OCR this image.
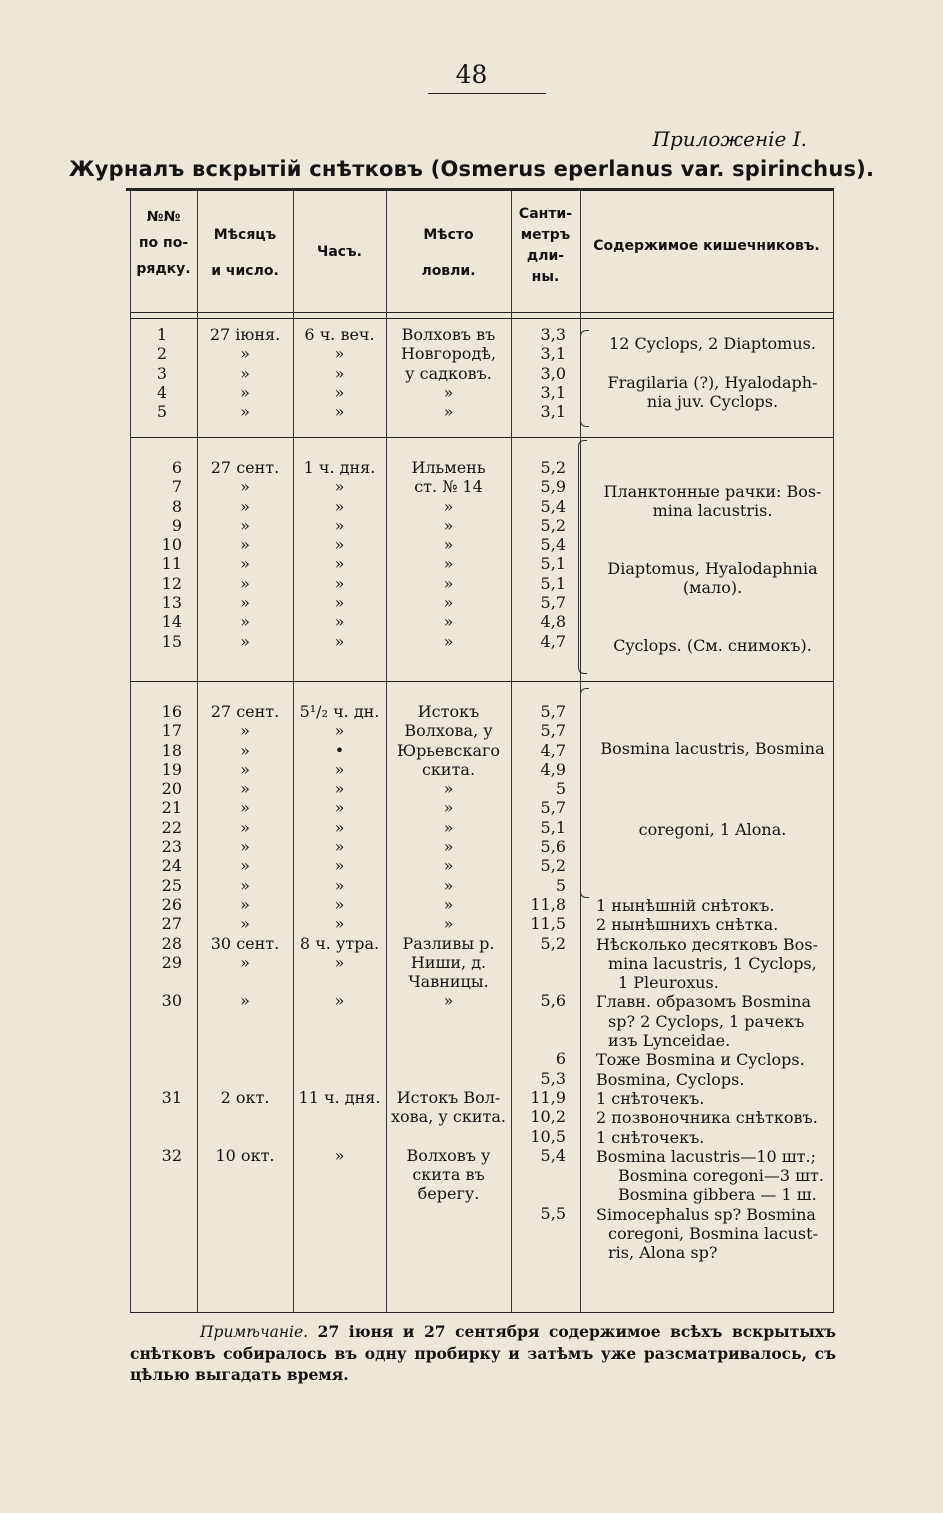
48
Приложеніе I.
Журналъ вскрытій снѣтковъ (Osmerus eperlanus var. spirinchus).
№№
по по-
рядку.
Мѣсяцъ
и число.
Часъ.
Мѣсто
ловли.
Санти-
метръ
дли-
ны.
Содержимое кишечниковъ.
1
2
3
4
5
27 іюня.
»
»
»
»
6 ч. веч.
»
»
»
»
Волховъ въ
Новгородѣ,
у садковъ.
»
»
3,3
3,1
3,0
3,1
3,1
12 Cyclops, 2 Diaptomus.
Fragilaria (?), Hyalodaph-
nia juv. Cyclops.
6
7
8
9
10
11
12
13
14
15
27 сент.
»
»
»
»
»
»
»
»
»
1 ч. дня.
»
»
»
»
»
»
»
»
»
Ильмень
ст. № 14
»
»
»
»
»
»
»
»
5,2
5,9
5,4
5,2
5,4
5,1
5,1
5,7
4,8
4,7
Планктонные рачки: Bos-
mina lacustris.
Diaptomus, Hyalodaphnia
(мало).
Cyclops. (См. снимокъ).
16
17
18
19
20
21
22
23
24
25
26
27
28
29
30
31
32
27 сент.
»
»
»
»
»
»
»
»
»
»
»
30 сент.
»
»
2 окт.
10 окт.
5¹/₂ ч. дн.
»
•
»
»
»
»
»
»
»
»
»
8 ч. утра.
»
»
11 ч. дня.
»
Истокъ
Волхова, у
Юрьевскаго
скита.
»
»
»
»
»
»
»
»
Разливы р.
Ниши, д.
Чавницы.
»
Истокъ Вол-
хова, у скита.
Волховъ у
скита въ
берегу.
5,7
5,7
4,7
4,9
5
5,7
5,1
5,6
5,2
5
11,8
11,5
5,2
5,6
6
5,3
11,9
10,2
10,5
5,4
5,5
Bosmina lacustris, Bosmina
coregoni, 1 Alona.
1 нынѣшній снѣтокъ.
2 нынѣшнихъ снѣтка.
Нѣсколько десятковъ Bos-
mina lacustris, 1 Cyclops,
1 Pleuroxus.
Главн. образомъ Bosmina
sp? 2 Cyclops, 1 рачекъ
изъ Lynceidae.
Тоже Bosmina и Cyclops.
Bosmina, Cyclops.
1 снѣточекъ.
2 позвоночника снѣтковъ.
1 снѣточекъ.
Bosmina lacustris—10 шт.;
Bosmina coregoni—3 шт.
Bosmina gibbera — 1 ш.
Simocephalus sp? Bosmina
coregoni, Bosmina lacust-
ris, Alona sp?
Примѣчаніе. 27 іюня и 27 сентября содержимое всѣхъ вскрытыхъ снѣтковъ собиралось въ одну пробирку и затѣмъ уже разсматривалось, съ цѣлью выгадать время.
